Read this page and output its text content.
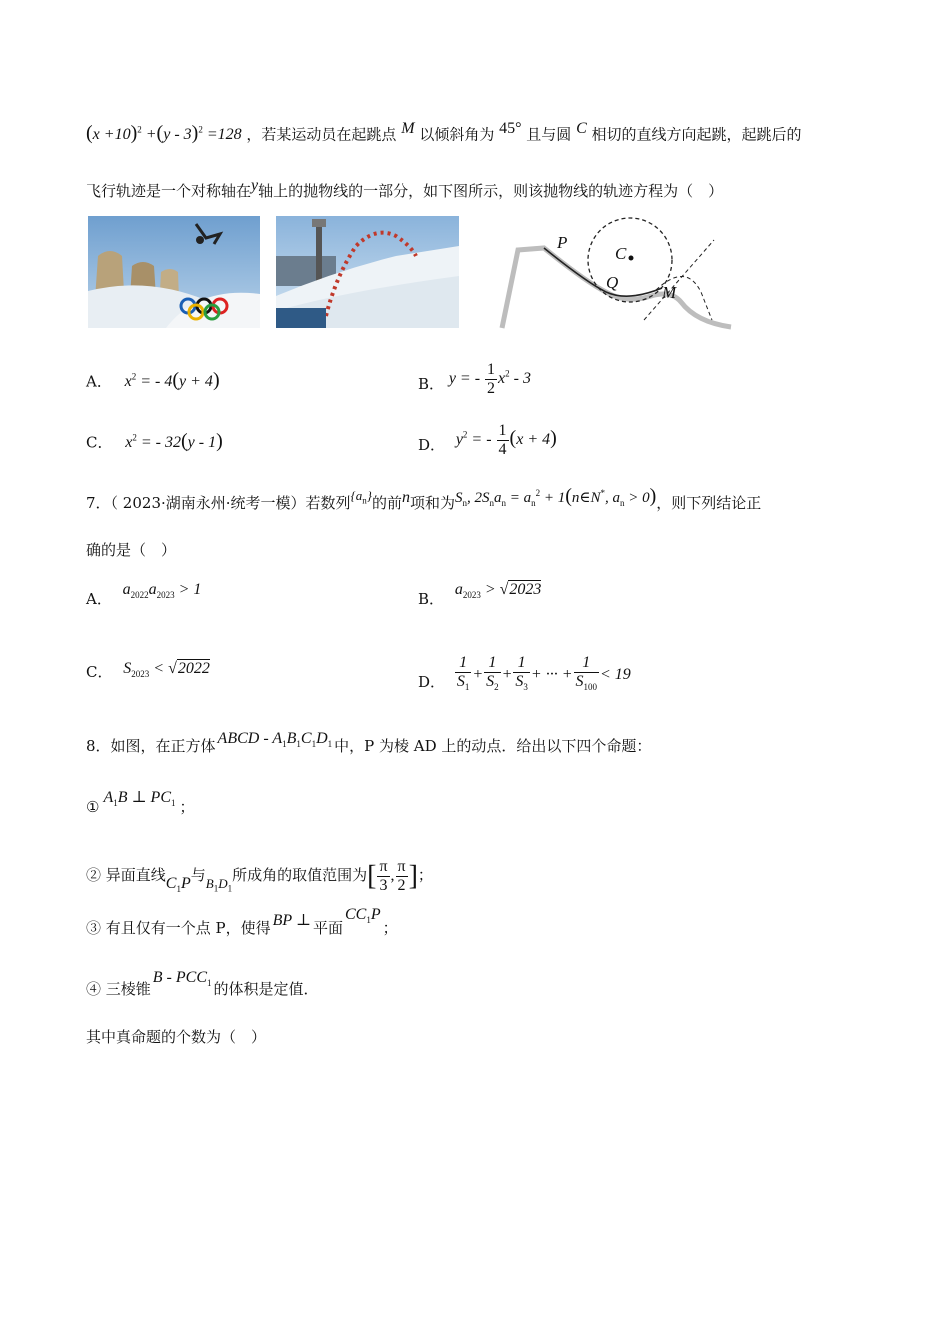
$(x +10)^2 +(y - 3)^2 =128$ ，若某运动员在起跳点 M 以倾斜角为 45° 且与圆 C 相切的直线方向起跳，起跳后的
飞行轨迹是一个对称轴在y轴上的抛物线的一部分，如下图所示，则该抛物线的轨迹方程为（　）
P
C
Q
M
A． $x^2$ = - 4(y + 4)	B． y = - $\frac{1}{2} x^2 - 3$
C． $x^2$ = - 32(y - 1)	D． $y^2$ = - $\frac{1}{4} (x + 4)$
7．（ 2023·湖南永州·统考一模）若数列$\{a_n\}$的前n项和为$S_n$, $2S_na_n = a_n^2$ + 1(n∈N*, $a_n > 0$)，则下列结论正
确的是（　）
A． $a_{2022}a_{2023} > 1$
B． $a_{2023} > √2023$
C． $S_{2023} < √2022$
D． $\frac{1}{S_1} + \frac{1}{S_2} + \frac{1}{S_3}$ + ··· + $\frac{1}{S_{100}} < 19$
8．如图，在正方体 ABCD - $A_1B_1C_1D_1$ 中，P 为棱 AD 上的动点．给出以下四个命题：
$①A_1B$ ⊥ $PC_1$ ；
② 异面直线$C_1P$与$B_1D_1$所成角的取值范围为[ $\frac{\pi}{3}$ , $\frac{\pi}{2}$ ]；
③ 有且仅有一个点 P，使得 BP ⊥ 平面$CC_1P$；
④ 三棱锥B - $PCC_1$ 的体积是定值．
其中真命题的个数为（　）
